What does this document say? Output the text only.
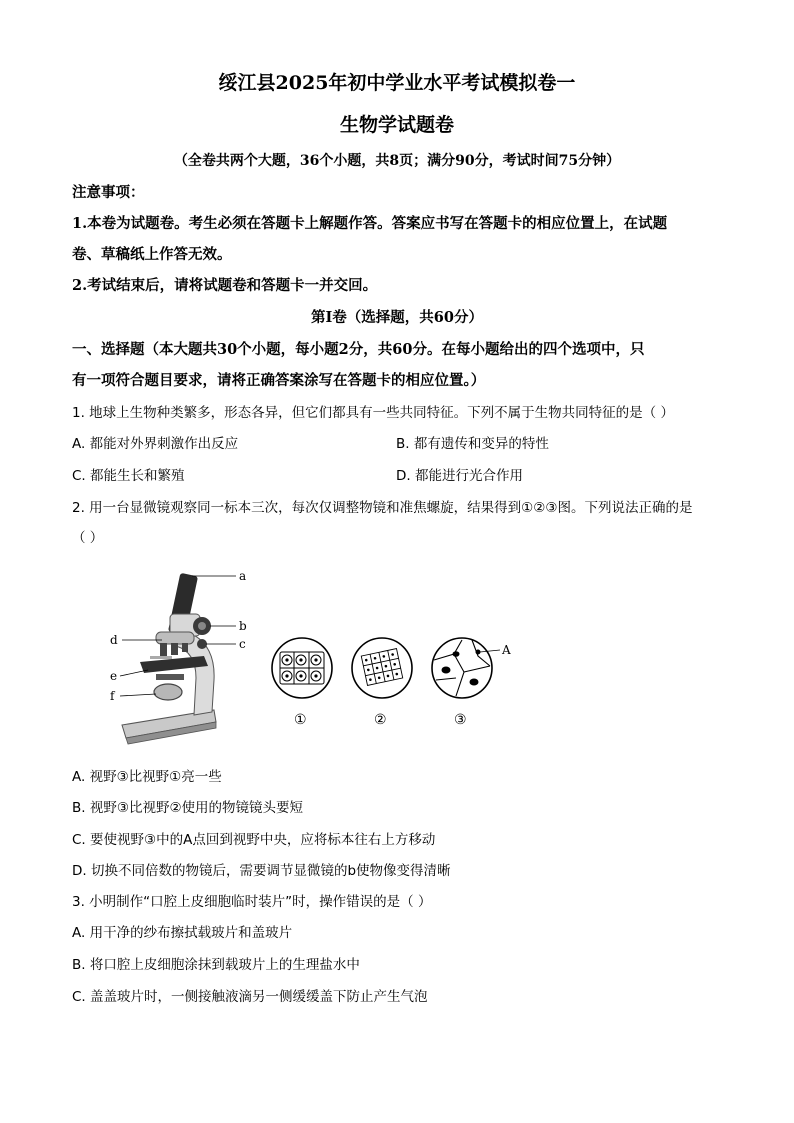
绥江县2025年初中学业水平考试模拟卷一
生物学试题卷
（全卷共两个大题，36个小题，共8页；满分90分，考试时间75分钟）
注意事项：
1.本卷为试题卷。考生必须在答题卡上解题作答。答案应书写在答题卡的相应位置上，在试题
卷、草稿纸上作答无效。
2.考试结束后，请将试题卷和答题卡一并交回。
第Ⅰ卷（选择题，共60分）
一、选择题（本大题共30个小题，每小题2分，共60分。在每小题给出的四个选项中，只
有一项符合题目要求，请将正确答案涂写在答题卡的相应位置。）
1. 地球上生物种类繁多，形态各异，但它们都具有一些共同特征。下列不属于生物共同特征的是（ ）
A. 都能对外界刺激作出反应	B. 都有遗传和变异的特性
C. 都能生长和繁殖	D. 都能进行光合作用
2. 用一台显微镜观察同一标本三次，每次仅调整物镜和准焦螺旋，结果得到①②③图。下列说法正确的是
（ ）
a
b
c
d
e
f
A
①	②	③
A. 视野③比视野①亮一些
B. 视野③比视野②使用的物镜镜头要短
C. 要使视野③中的A点回到视野中央，应将标本往右上方移动
D. 切换不同倍数的物镜后，需要调节显微镜的b使物像变得清晰
3. 小明制作“口腔上皮细胞临时装片”时，操作错误的是（ ）
A. 用干净的纱布擦拭载玻片和盖玻片
B. 将口腔上皮细胞涂抹到载玻片上的生理盐水中
C. 盖盖玻片时，一侧接触液滴另一侧缓缓盖下防止产生气泡
